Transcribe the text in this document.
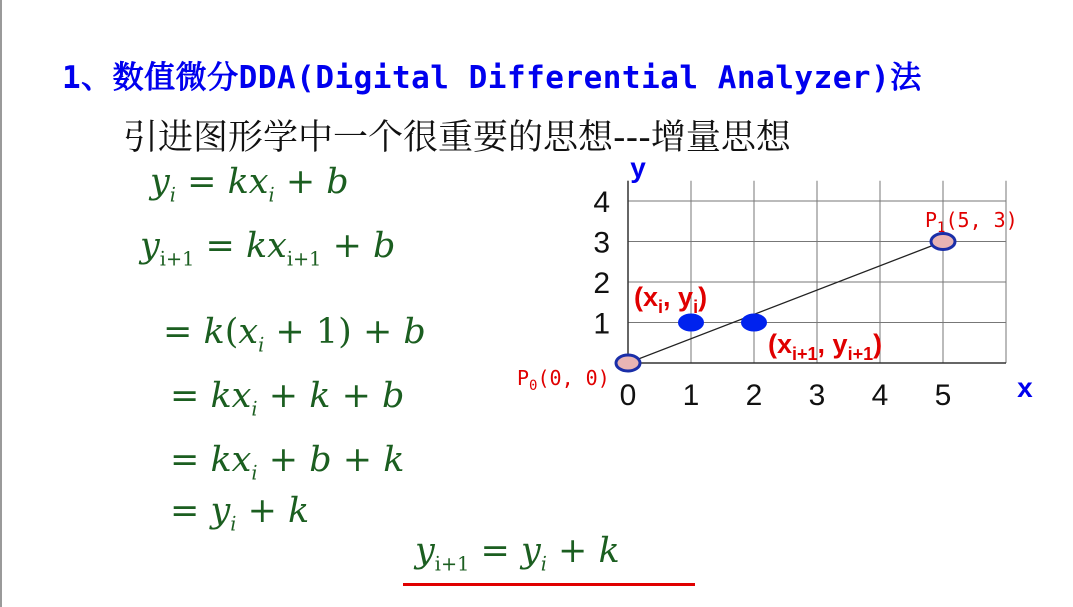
1、数值微分DDA(Digital Differential Analyzer)法
引进图形学中一个很重要的思想---增量思想
$y_i = kx_i + b$
$y_{i+1} = kx_{i+1} + b$
= $k(x_i + 1) + b$
= $kx_i + k + b$
= $kx_i + b + k$
= $y_i + k$
$y_{i+1} = y_i + k$
0 1 2 3 4 5
1
2
3
4
y
x
$P_0(0$, 0)
$P_1(5$, 3)
($x_i$, $y_i$)
($x_{i+1}$, $y_{i+1}$)
